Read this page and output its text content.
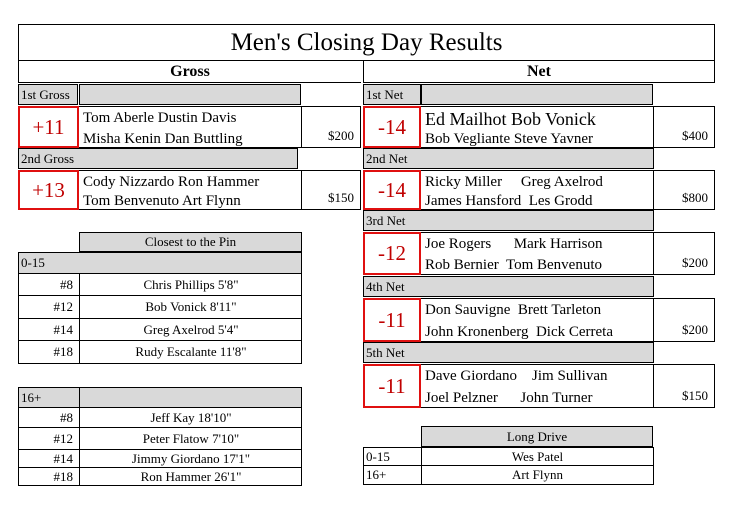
Men's Closing Day Results
Gross	Net
1st Gross
+11 Tom Aberle Dustin Davis
Misha Kenin Dan Buttling	$200
2nd Gross
+13 Cody Nizzardo Ron Hammer
Tom Benvenuto Art Flynn	$150
Closest to the Pin
0-15
#8	Chris Phillips 5'8"
#12	Bob Vonick 8'11"
#14	Greg Axelrod 5'4"
#18	Rudy Escalante 11'8"
16+
#8	Jeff Kay 18'10"
#12	Peter Flatow 7'10"
#14	Jimmy Giordano 17'1"
#18	Ron Hammer 26'1"
1st Net
-14 Ed Mailhot Bob Vonick
Bob Vegliante Steve Yavner	$400
2nd Net
-14 Ricky Miller     Greg Axelrod
James Hansford  Les Grodd	$800
3rd Net
-12 Joe Rogers      Mark Harrison
Rob Bernier  Tom Benvenuto	$200
4th Net
-11 Don Sauvigne  Brett Tarleton
John Kronenberg  Dick Cerreta	$200
5th Net
-11 Dave Giordano    Jim Sullivan
Joel Pelzner      John Turner	$150
Long Drive
0-15	Wes Patel
16+	Art Flynn
